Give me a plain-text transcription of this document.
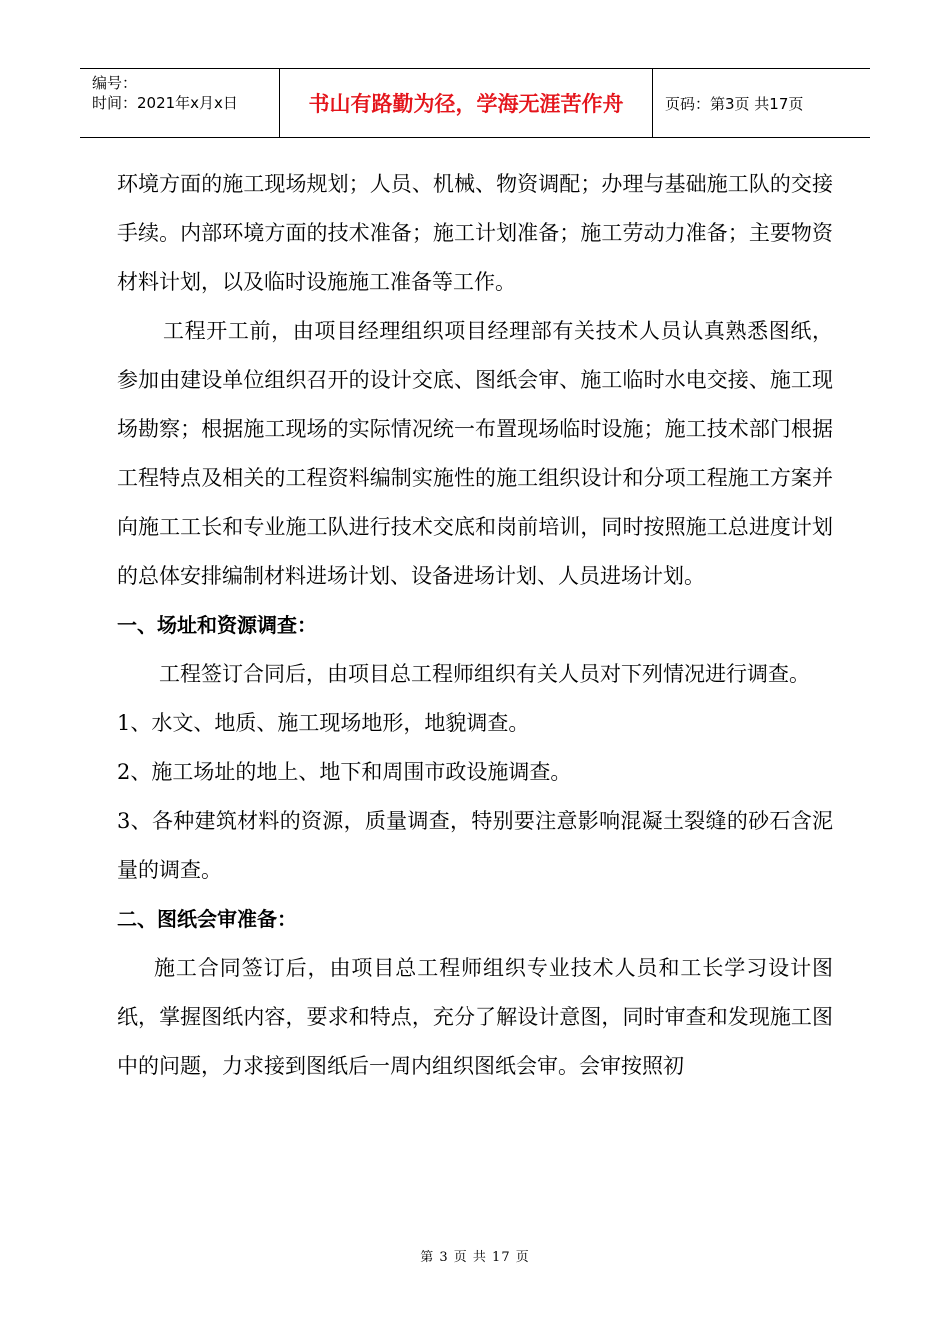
编号：
时间：2021年x月x日	书山有路勤为径，学海无涯苦作舟	页码：第3页 共17页

环境方面的施工现场规划；人员、机械、物资调配；办理与基础施工队的交接手续。内部环境方面的技术准备；施工计划准备；施工劳动力准备；主要物资材料计划，以及临时设施施工准备等工作。

工程开工前，由项目经理组织项目经理部有关技术人员认真熟悉图纸，参加由建设单位组织召开的设计交底、图纸会审、施工临时水电交接、施工现场勘察；根据施工现场的实际情况统一布置现场临时设施；施工技术部门根据工程特点及相关的工程资料编制实施性的施工组织设计和分项工程施工方案并向施工工长和专业施工队进行技术交底和岗前培训，同时按照施工总进度计划的总体安排编制材料进场计划、设备进场计划、人员进场计划。

一、场址和资源调查：

工程签订合同后，由项目总工程师组织有关人员对下列情况进行调查。

1、水文、地质、施工现场地形，地貌调查。

2、施工场址的地上、地下和周围市政设施调查。

3、各种建筑材料的资源，质量调查，特别要注意影响混凝土裂缝的砂石含泥量的调查。

二、图纸会审准备：

施工合同签订后，由项目总工程师组织专业技术人员和工长学习设计图纸，掌握图纸内容，要求和特点，充分了解设计意图，同时审查和发现施工图中的问题，力求接到图纸后一周内组织图纸会审。会审按照初

第 3 页 共 17 页
